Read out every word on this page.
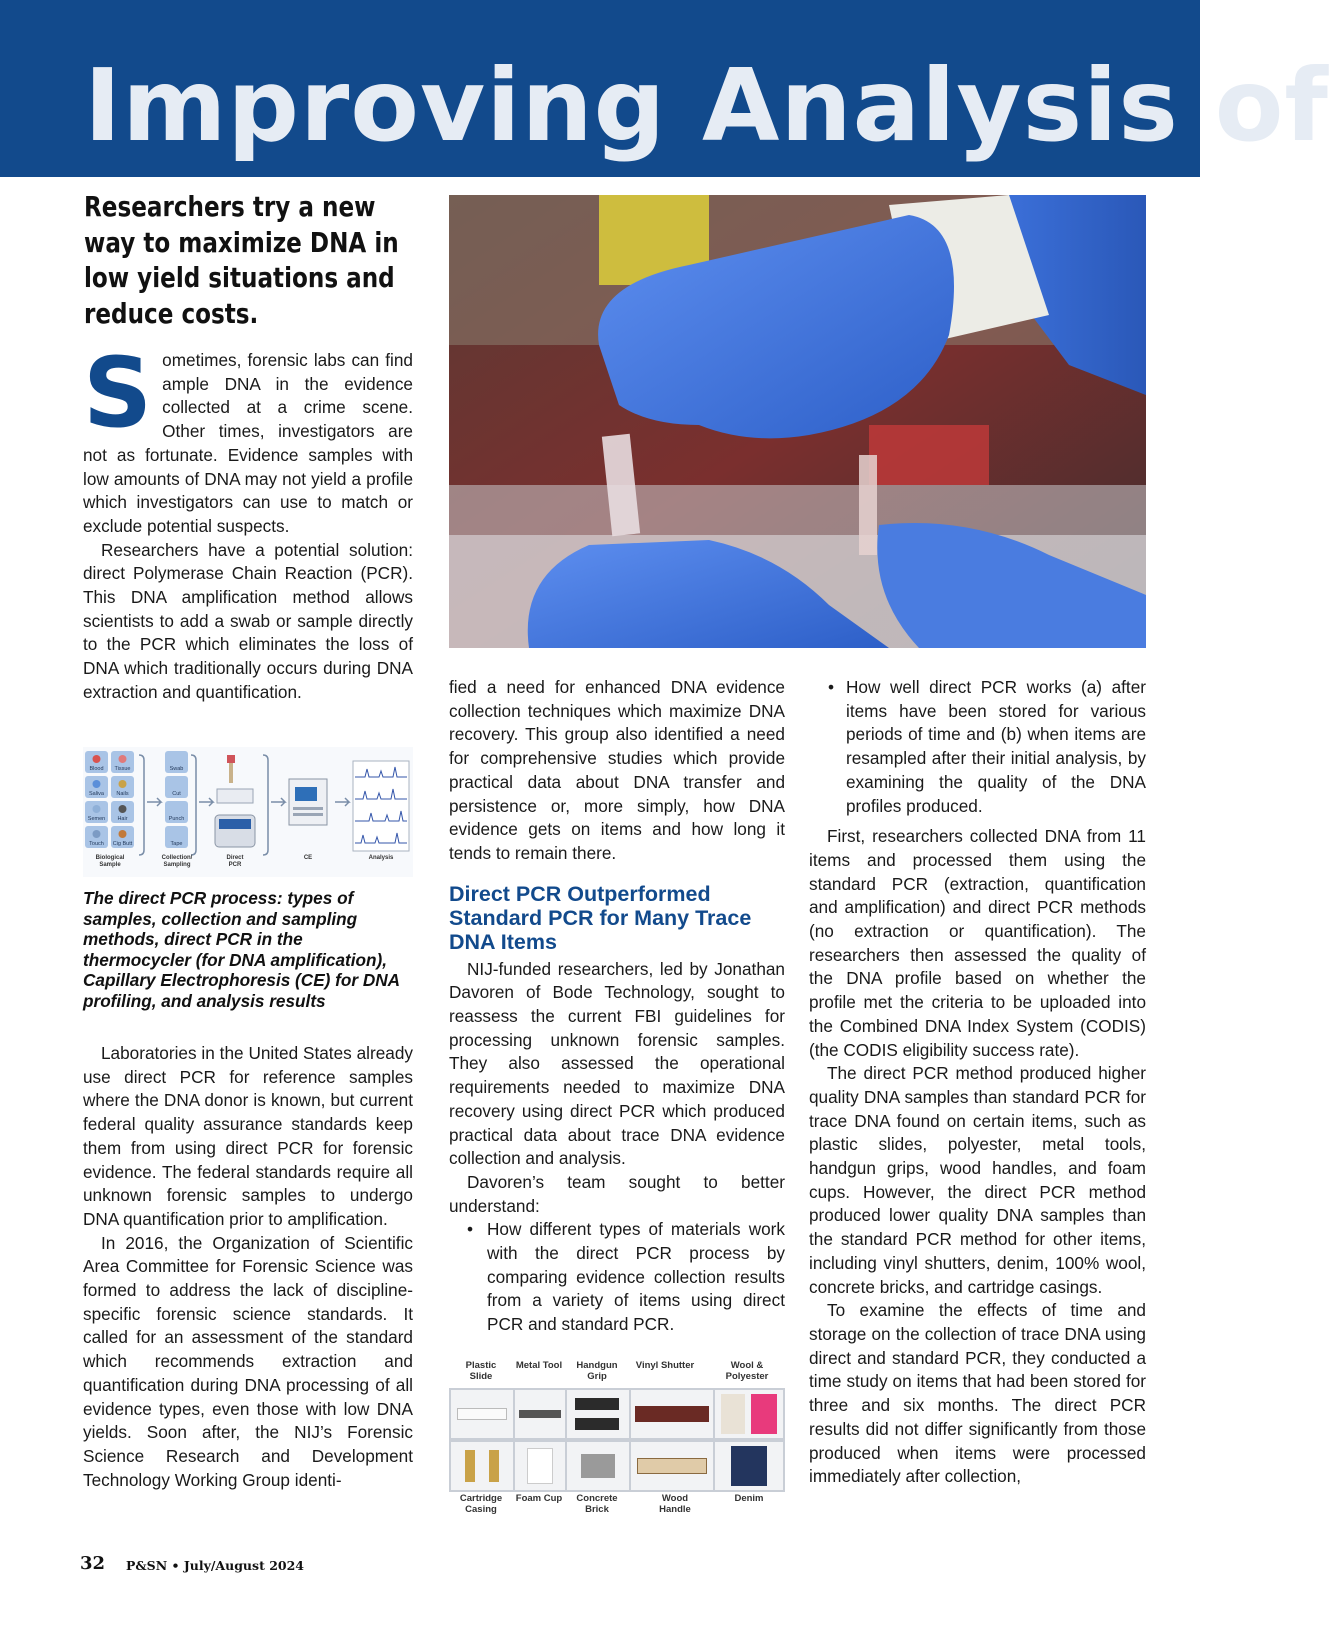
Improving Analysis of
Researchers try a new way to maximize DNA in low yield situations and reduce costs.
S ometimes, forensic labs can find ample DNA in the evidence collected at a crime scene. Other times, investigators are not as fortunate. Evidence samples with low amounts of DNA may not yield a profile which investigators can use to match or exclude potential suspects.

Researchers have a potential solution: direct Polymerase Chain Reaction (PCR). This DNA amplification method allows scientists to add a swab or sample directly to the PCR which eliminates the loss of DNA which traditionally occurs during DNA extraction and quantification.

Blood Tissue
Saliva Nails
Semen Hair
Touch Cig Butt
Swab
Cut
Punch
Tape
Biological Sample
Collection/ Sampling
Direct PCR
CE	Analysis
The direct PCR process: types of samples, collection and sampling methods, direct PCR in the thermocycler (for DNA amplification), Capillary Electrophoresis (CE) for DNA profiling, and analysis results

Laboratories in the United States already use direct PCR for reference samples where the DNA donor is known, but current federal quality assurance standards keep them from using direct PCR for forensic evidence. The federal standards require all unknown forensic samples to undergo DNA quantification prior to amplification.

In 2016, the Organization of Scientific Area Committee for Forensic Science was formed to address the lack of discipline-specific forensic science standards. It called for an assessment of the standard which recommends extraction and quantification during DNA processing of all evidence types, even those with low DNA yields. Soon after, the NIJ’s Forensic Science Research and Development Technology Working Group identi-

fied a need for enhanced DNA evidence collection techniques which maximize DNA recovery. This group also identified a need for comprehensive studies which provide practical data about DNA transfer and persistence or, more simply, how DNA evidence gets on items and how long it tends to remain there.

Direct PCR Outperformed Standard PCR for Many Trace DNA Items

NIJ-funded researchers, led by Jonathan Davoren of Bode Technology, sought to reassess the current FBI guidelines for processing unknown forensic samples. They also assessed the operational requirements needed to maximize DNA recovery using direct PCR which produced practical data about trace DNA evidence collection and analysis.

Davoren’s team sought to better understand:

• How different types of materials work with the direct PCR process by comparing evidence collection results from a variety of items using direct PCR and standard PCR.
Plastic Slide
Metal Tool	Handgun Grip
Vinyl Shutter	Wool & Polyester
Cartridge Casing
Foam Cup	Concrete Brick
Wood Handle
Denim
• How well direct PCR works (a) after items have been stored for various periods of time and (b) when items are resampled after their initial analysis, by examining the quality of the DNA profiles produced.

First, researchers collected DNA from 11 items and processed them using the standard PCR (extraction, quantification and amplification) and direct PCR methods (no extraction or quantification). The researchers then assessed the quality of the DNA profile based on whether the profile met the criteria to be uploaded into the Combined DNA Index System (CODIS) (the CODIS eligibility success rate).

The direct PCR method produced higher quality DNA samples than standard PCR for trace DNA found on certain items, such as plastic slides, polyester, metal tools, handgun grips, wood handles, and foam cups. However, the direct PCR method produced lower quality DNA samples than the standard PCR method for other items, including vinyl shutters, denim, 100% wool, concrete bricks, and cartridge casings.

To examine the effects of time and storage on the collection of trace DNA using direct and standard PCR, they conducted a time study on items that had been stored for three and six months. The direct PCR results did not differ significantly from those produced when items were processed immediately after collection,

32 P&SN • July/August 2024
